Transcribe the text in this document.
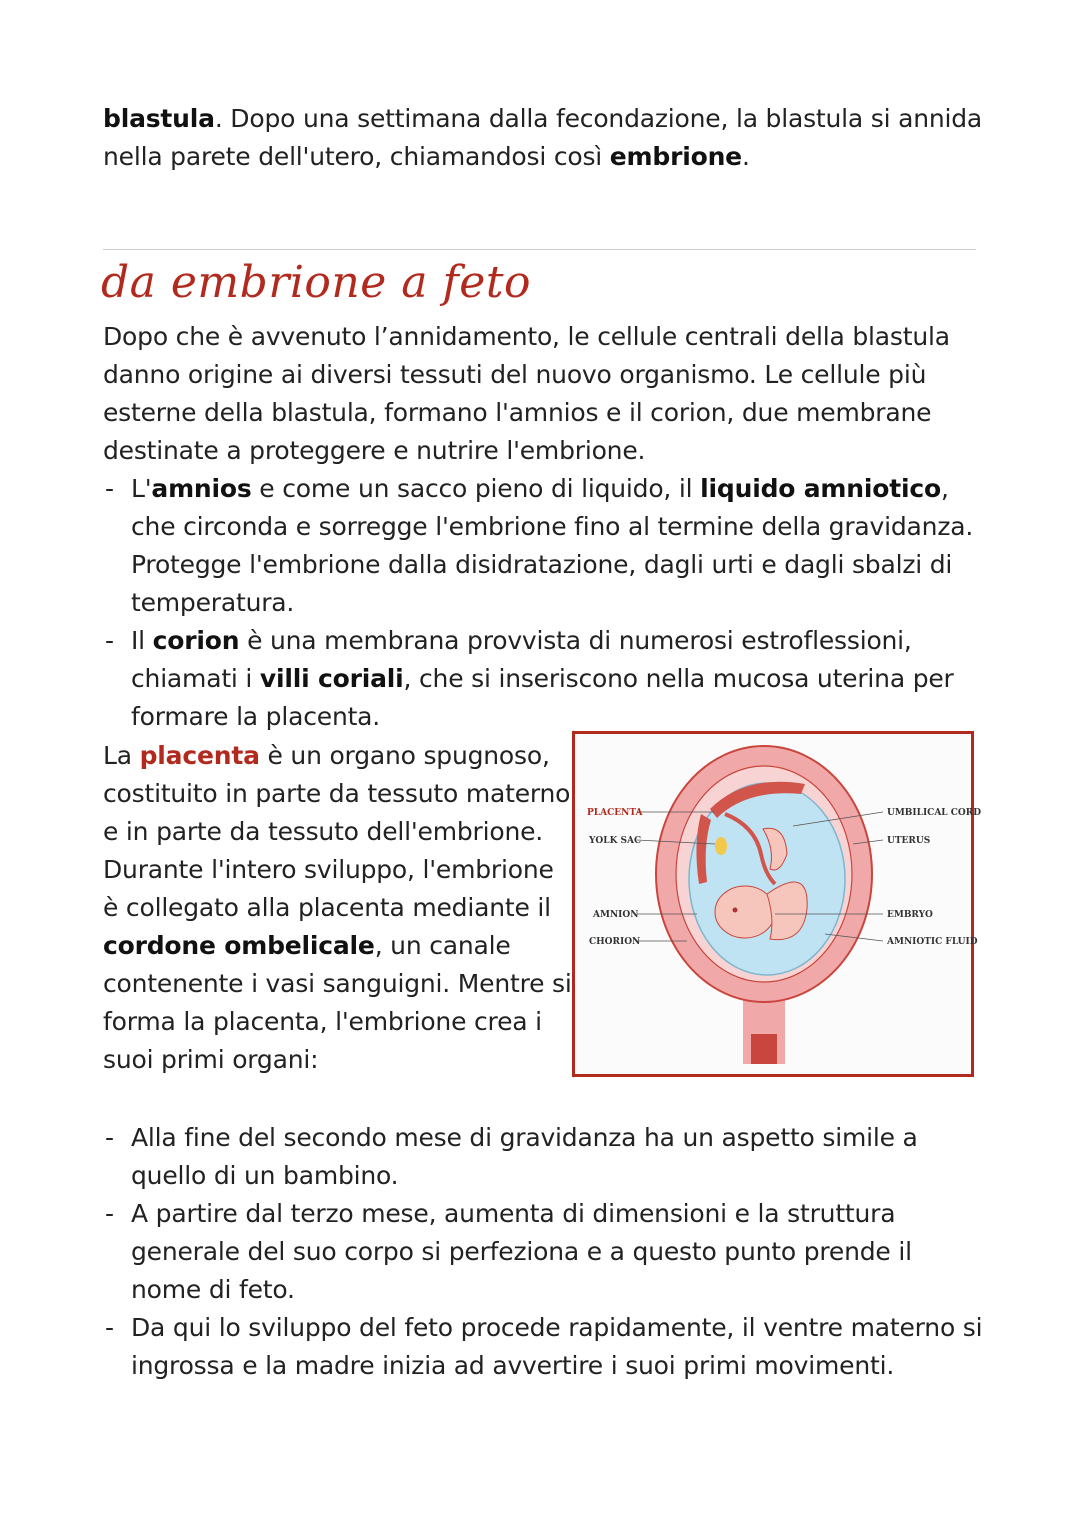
blastula. Dopo una settimana dalla fecondazione, la blastula si annida nella parete dell'utero, chiamandosi così embrione.

da embrione a feto

Dopo che è avvenuto l’annidamento, le cellule centrali della blastula danno origine ai diversi tessuti del nuovo organismo. Le cellule più esterne della blastula, formano l'amnios e il corion, due membrane destinate a proteggere e nutrire l'embrione.

- L'amnios e come un sacco pieno di liquido, il liquido amniotico, che circonda e sorregge l'embrione fino al termine della gravidanza. Protegge l'embrione dalla disidratazione, dagli urti e dagli sbalzi di temperatura.
- Il corion è una membrana provvista di numerosi estroflessioni, chiamati i villi coriali, che si inseriscono nella mucosa uterina per formare la placenta.

La placenta è un organo spugnoso, costituito in parte da tessuto materno e in parte da tessuto dell'embrione. Durante l'intero sviluppo, l'embrione è collegato alla placenta mediante il cordone ombelicale, un canale contenente i vasi sanguigni. Mentre si forma la placenta, l'embrione crea i suoi primi organi:

PLACENTA
YOLK SAC
AMNION
CHORION
UMBILICAL CORD
UTERUS
EMBRYO
AMNIOTIC FLUID
- Alla fine del secondo mese di gravidanza ha un aspetto simile a quello di un bambino.
- A partire dal terzo mese, aumenta di dimensioni e la struttura generale del suo corpo si perfeziona e a questo punto prende il nome di feto.
- Da qui lo sviluppo del feto procede rapidamente, il ventre materno si ingrossa e la madre inizia ad avvertire i suoi primi movimenti.
